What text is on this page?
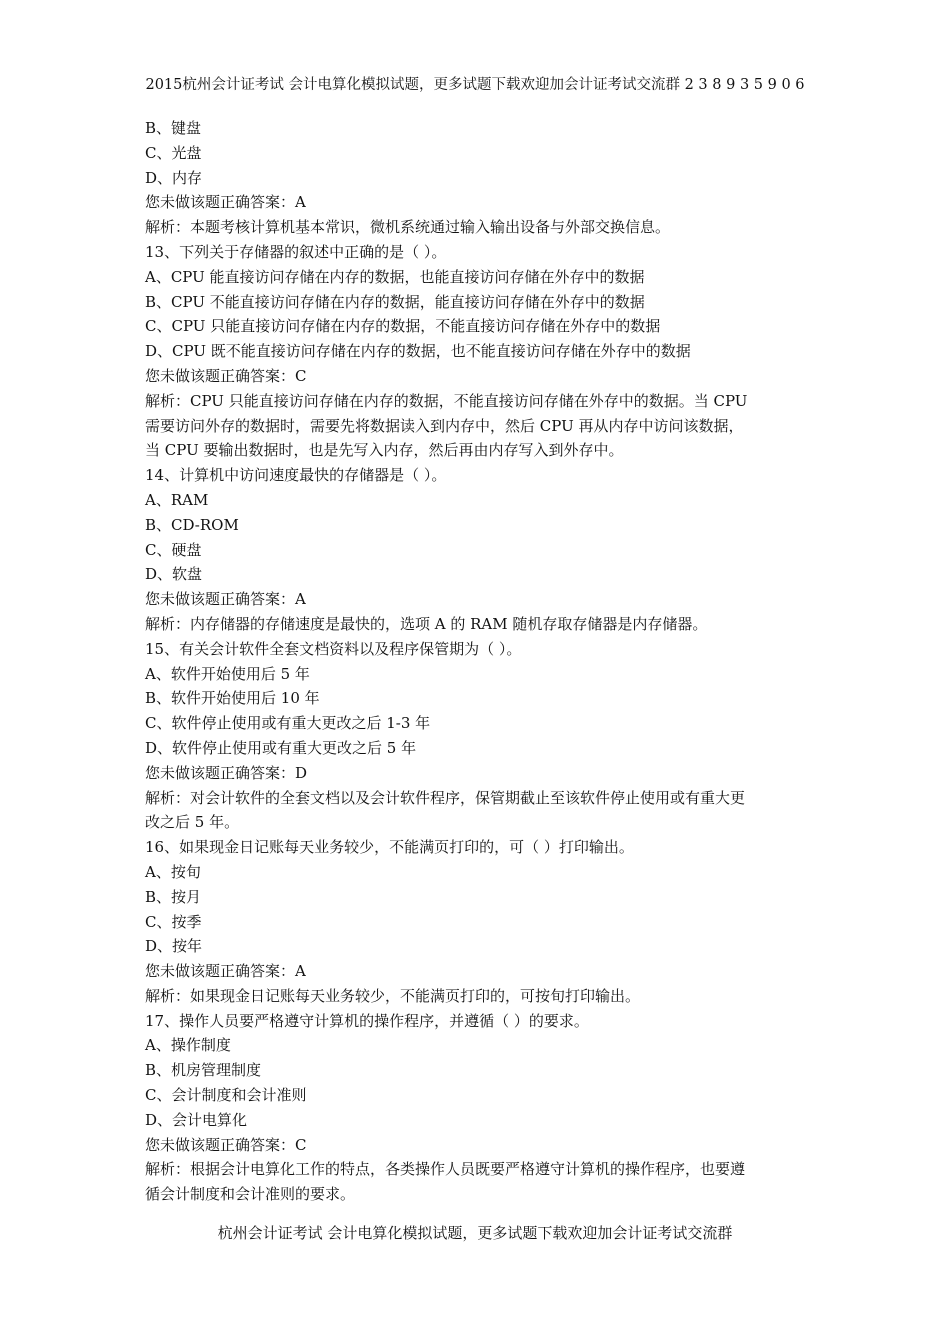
2015杭州会计证考试 会计电算化模拟试题，更多试题下载欢迎加会计证考试交流群 2 3 8 9 3 5 9 0 6
B、键盘
C、光盘
D、内存
您未做该题正确答案：A
解析：本题考核计算机基本常识，微机系统通过输入输出设备与外部交换信息。
13、下列关于存储器的叙述中正确的是（ ）。
A、CPU 能直接访问存储在内存的数据，也能直接访问存储在外存中的数据
B、CPU 不能直接访问存储在内存的数据，能直接访问存储在外存中的数据
C、CPU 只能直接访问存储在内存的数据，不能直接访问存储在外存中的数据
D、CPU 既不能直接访问存储在内存的数据，也不能直接访问存储在外存中的数据
您未做该题正确答案：C
解析：CPU 只能直接访问存储在内存的数据，不能直接访问存储在外存中的数据。当 CPU
需要访问外存的数据时，需要先将数据读入到内存中，然后 CPU 再从内存中访问该数据，
当 CPU 要输出数据时，也是先写入内存，然后再由内存写入到外存中。
14、计算机中访问速度最快的存储器是（ ）。
A、RAM
B、CD-ROM
C、硬盘
D、软盘
您未做该题正确答案：A
解析：内存储器的存储速度是最快的，选项 A 的 RAM 随机存取存储器是内存储器。
15、有关会计软件全套文档资料以及程序保管期为（ ）。
A、软件开始使用后 5 年
B、软件开始使用后 10 年
C、软件停止使用或有重大更改之后 1-3 年
D、软件停止使用或有重大更改之后 5 年
您未做该题正确答案：D
解析：对会计软件的全套文档以及会计软件程序，保管期截止至该软件停止使用或有重大更
改之后 5 年。
16、如果现金日记账每天业务较少，不能满页打印的，可（ ）打印输出。
A、按旬
B、按月
C、按季
D、按年
您未做该题正确答案：A
解析：如果现金日记账每天业务较少，不能满页打印的，可按旬打印输出。
17、操作人员要严格遵守计算机的操作程序，并遵循（ ）的要求。
A、操作制度
B、机房管理制度
C、会计制度和会计准则
D、会计电算化
您未做该题正确答案：C
解析：根据会计电算化工作的特点，各类操作人员既要严格遵守计算机的操作程序，也要遵
循会计制度和会计准则的要求。
杭州会计证考试 会计电算化模拟试题，更多试题下载欢迎加会计证考试交流群
